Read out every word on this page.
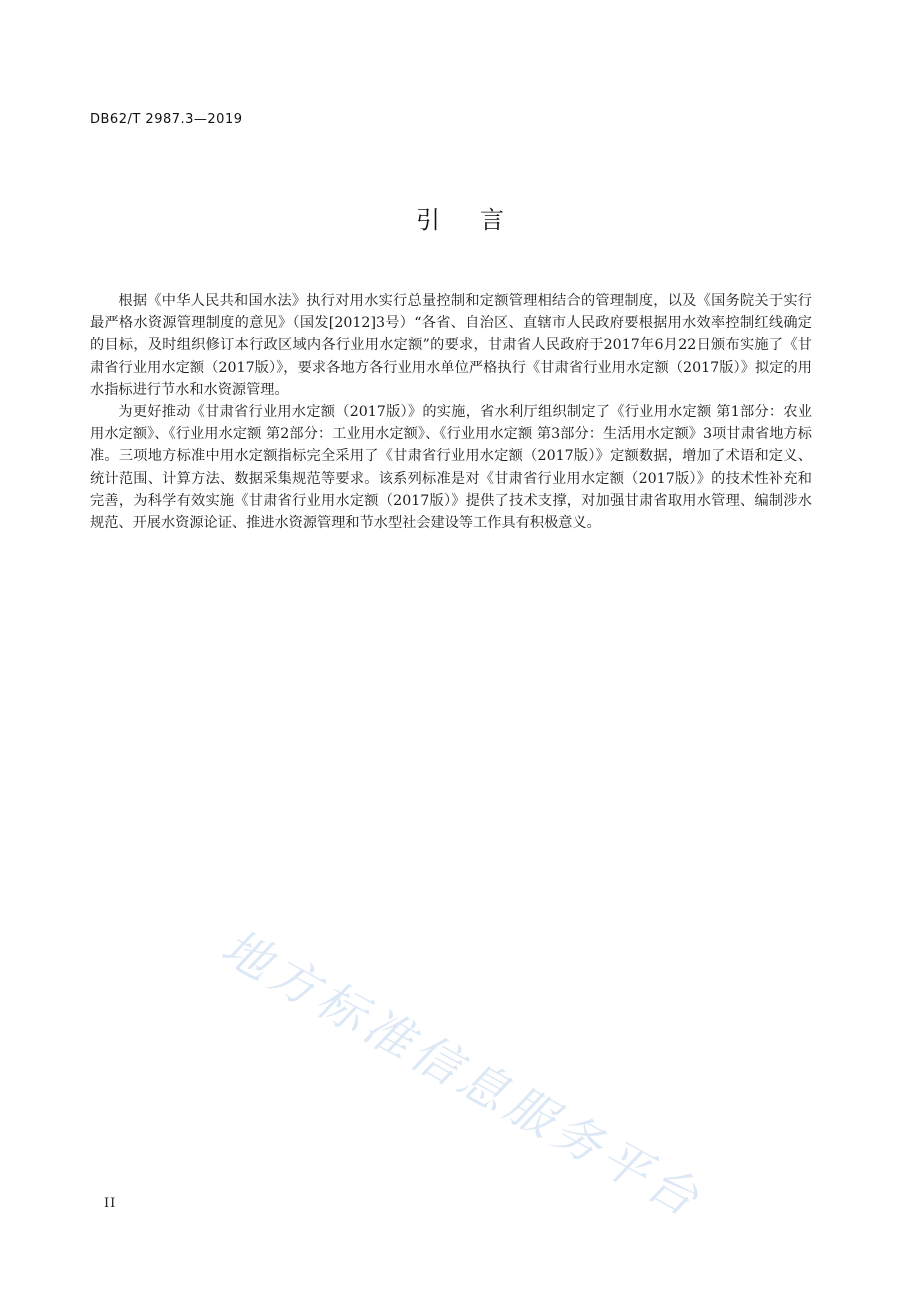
DB62/T 2987.3—2019
引言

根据《中华人民共和国水法》执行对用水实行总量控制和定额管理相结合的管理制度，以及《国务院关于实行最严格水资源管理制度的意见》（国发[2012]3号）“各省、自治区、直辖市人民政府要根据用水效率控制红线确定的目标，及时组织修订本行政区域内各行业用水定额”的要求，甘肃省人民政府于2017年6月22日颁布实施了《甘肃省行业用水定额（2017版）》，要求各地方各行业用水单位严格执行《甘肃省行业用水定额（2017版）》拟定的用水指标进行节水和水资源管理。

为更好推动《甘肃省行业用水定额（2017版）》的实施，省水利厅组织制定了《行业用水定额 第1部分：农业用水定额》、《行业用水定额 第2部分：工业用水定额》、《行业用水定额 第3部分：生活用水定额》3项甘肃省地方标准。三项地方标准中用水定额指标完全采用了《甘肃省行业用水定额（2017版）》定额数据，增加了术语和定义、统计范围、计算方法、数据采集规范等要求。该系列标准是对《甘肃省行业用水定额（2017版）》的技术性补充和完善，为科学有效实施《甘肃省行业用水定额（2017版）》提供了技术支撑，对加强甘肃省取用水管理、编制涉水规范、开展水资源论证、推进水资源管理和节水型社会建设等工作具有积极意义。

地方标准信息服务平台
II
